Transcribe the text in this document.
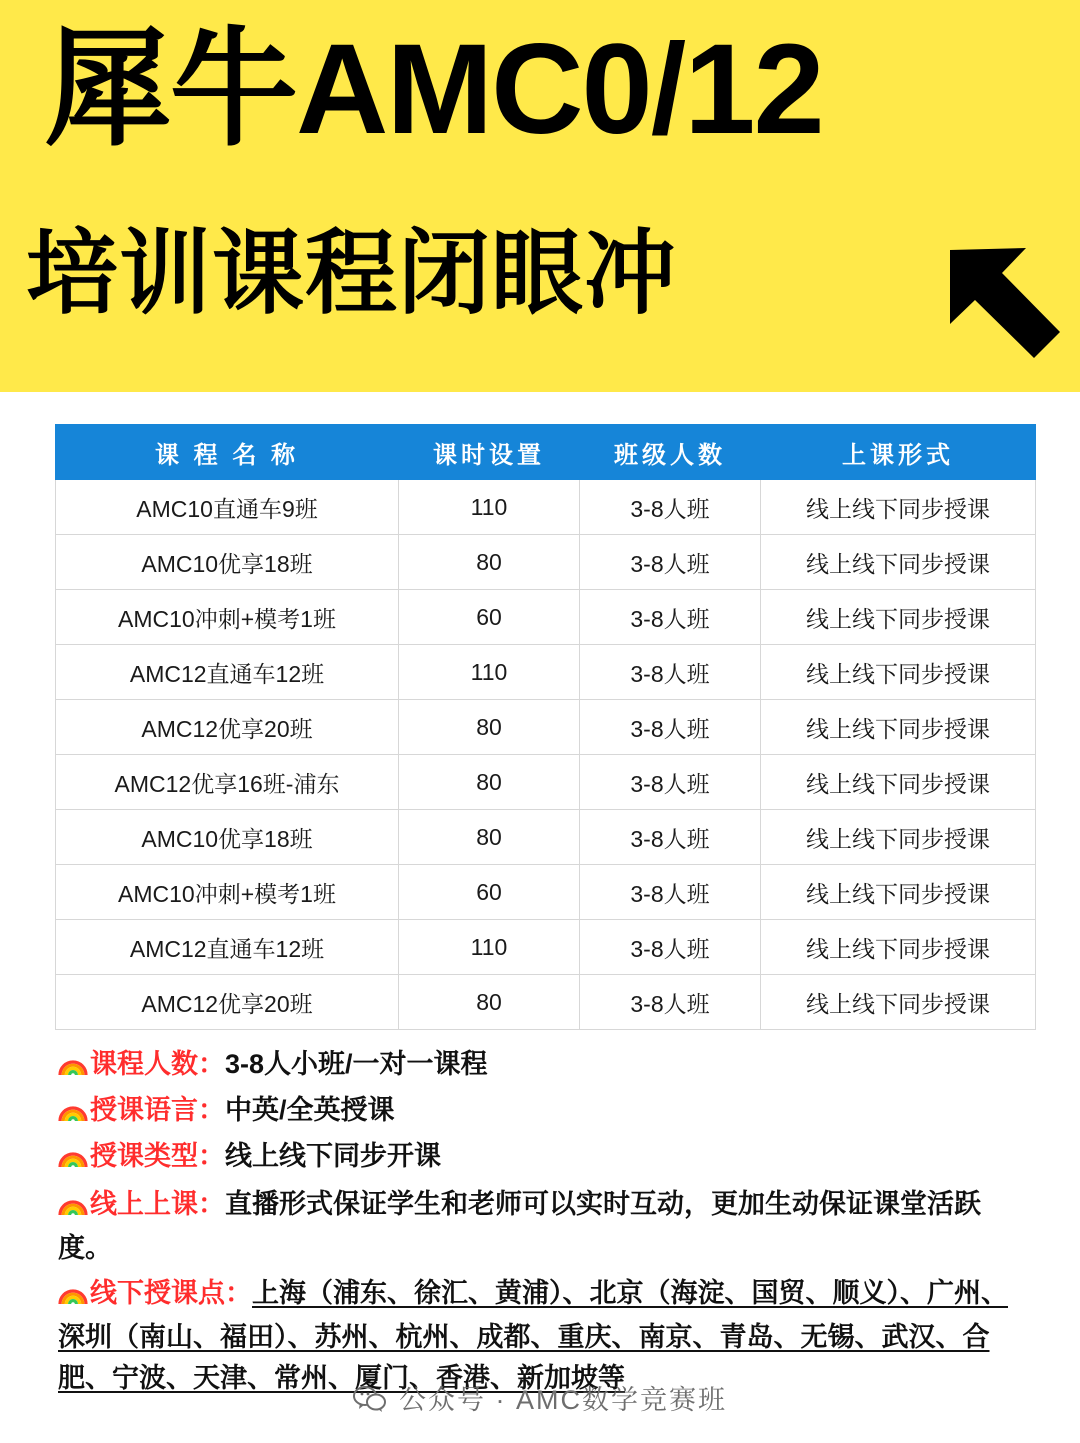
犀牛AMC0/12
培训课程闭眼冲
课 程 名 称	课时设置	班级人数	上课形式
AMC10直通车9班	110	3-8人班	线上线下同步授课
AMC10优享18班	80	3-8人班	线上线下同步授课
AMC10冲刺+模考1班	60	3-8人班	线上线下同步授课
AMC12直通车12班	110	3-8人班	线上线下同步授课
AMC12优享20班	80	3-8人班	线上线下同步授课
AMC12优享16班-浦东	80	3-8人班	线上线下同步授课
AMC10优享18班	80	3-8人班	线上线下同步授课
AMC10冲刺+模考1班	60	3-8人班	线上线下同步授课
AMC12直通车12班	110	3-8人班	线上线下同步授课
AMC12优享20班	80	3-8人班	线上线下同步授课
课程人数：3-8人小班/一对一课程
授课语言：中英/全英授课
授课类型：线上线下同步开课
线上上课：直播形式保证学生和老师可以实时互动，更加生动保证课堂活跃度。
线下授课点：上海（浦东、徐汇、黄浦）、北京（海淀、国贸、顺义）、广州、深圳（南山、福田）、苏州、杭州、成都、重庆、南京、青岛、无锡、武汉、合肥、宁波、天津、常州、厦门、香港、新加坡等
公众号 · AMC数学竞赛班
